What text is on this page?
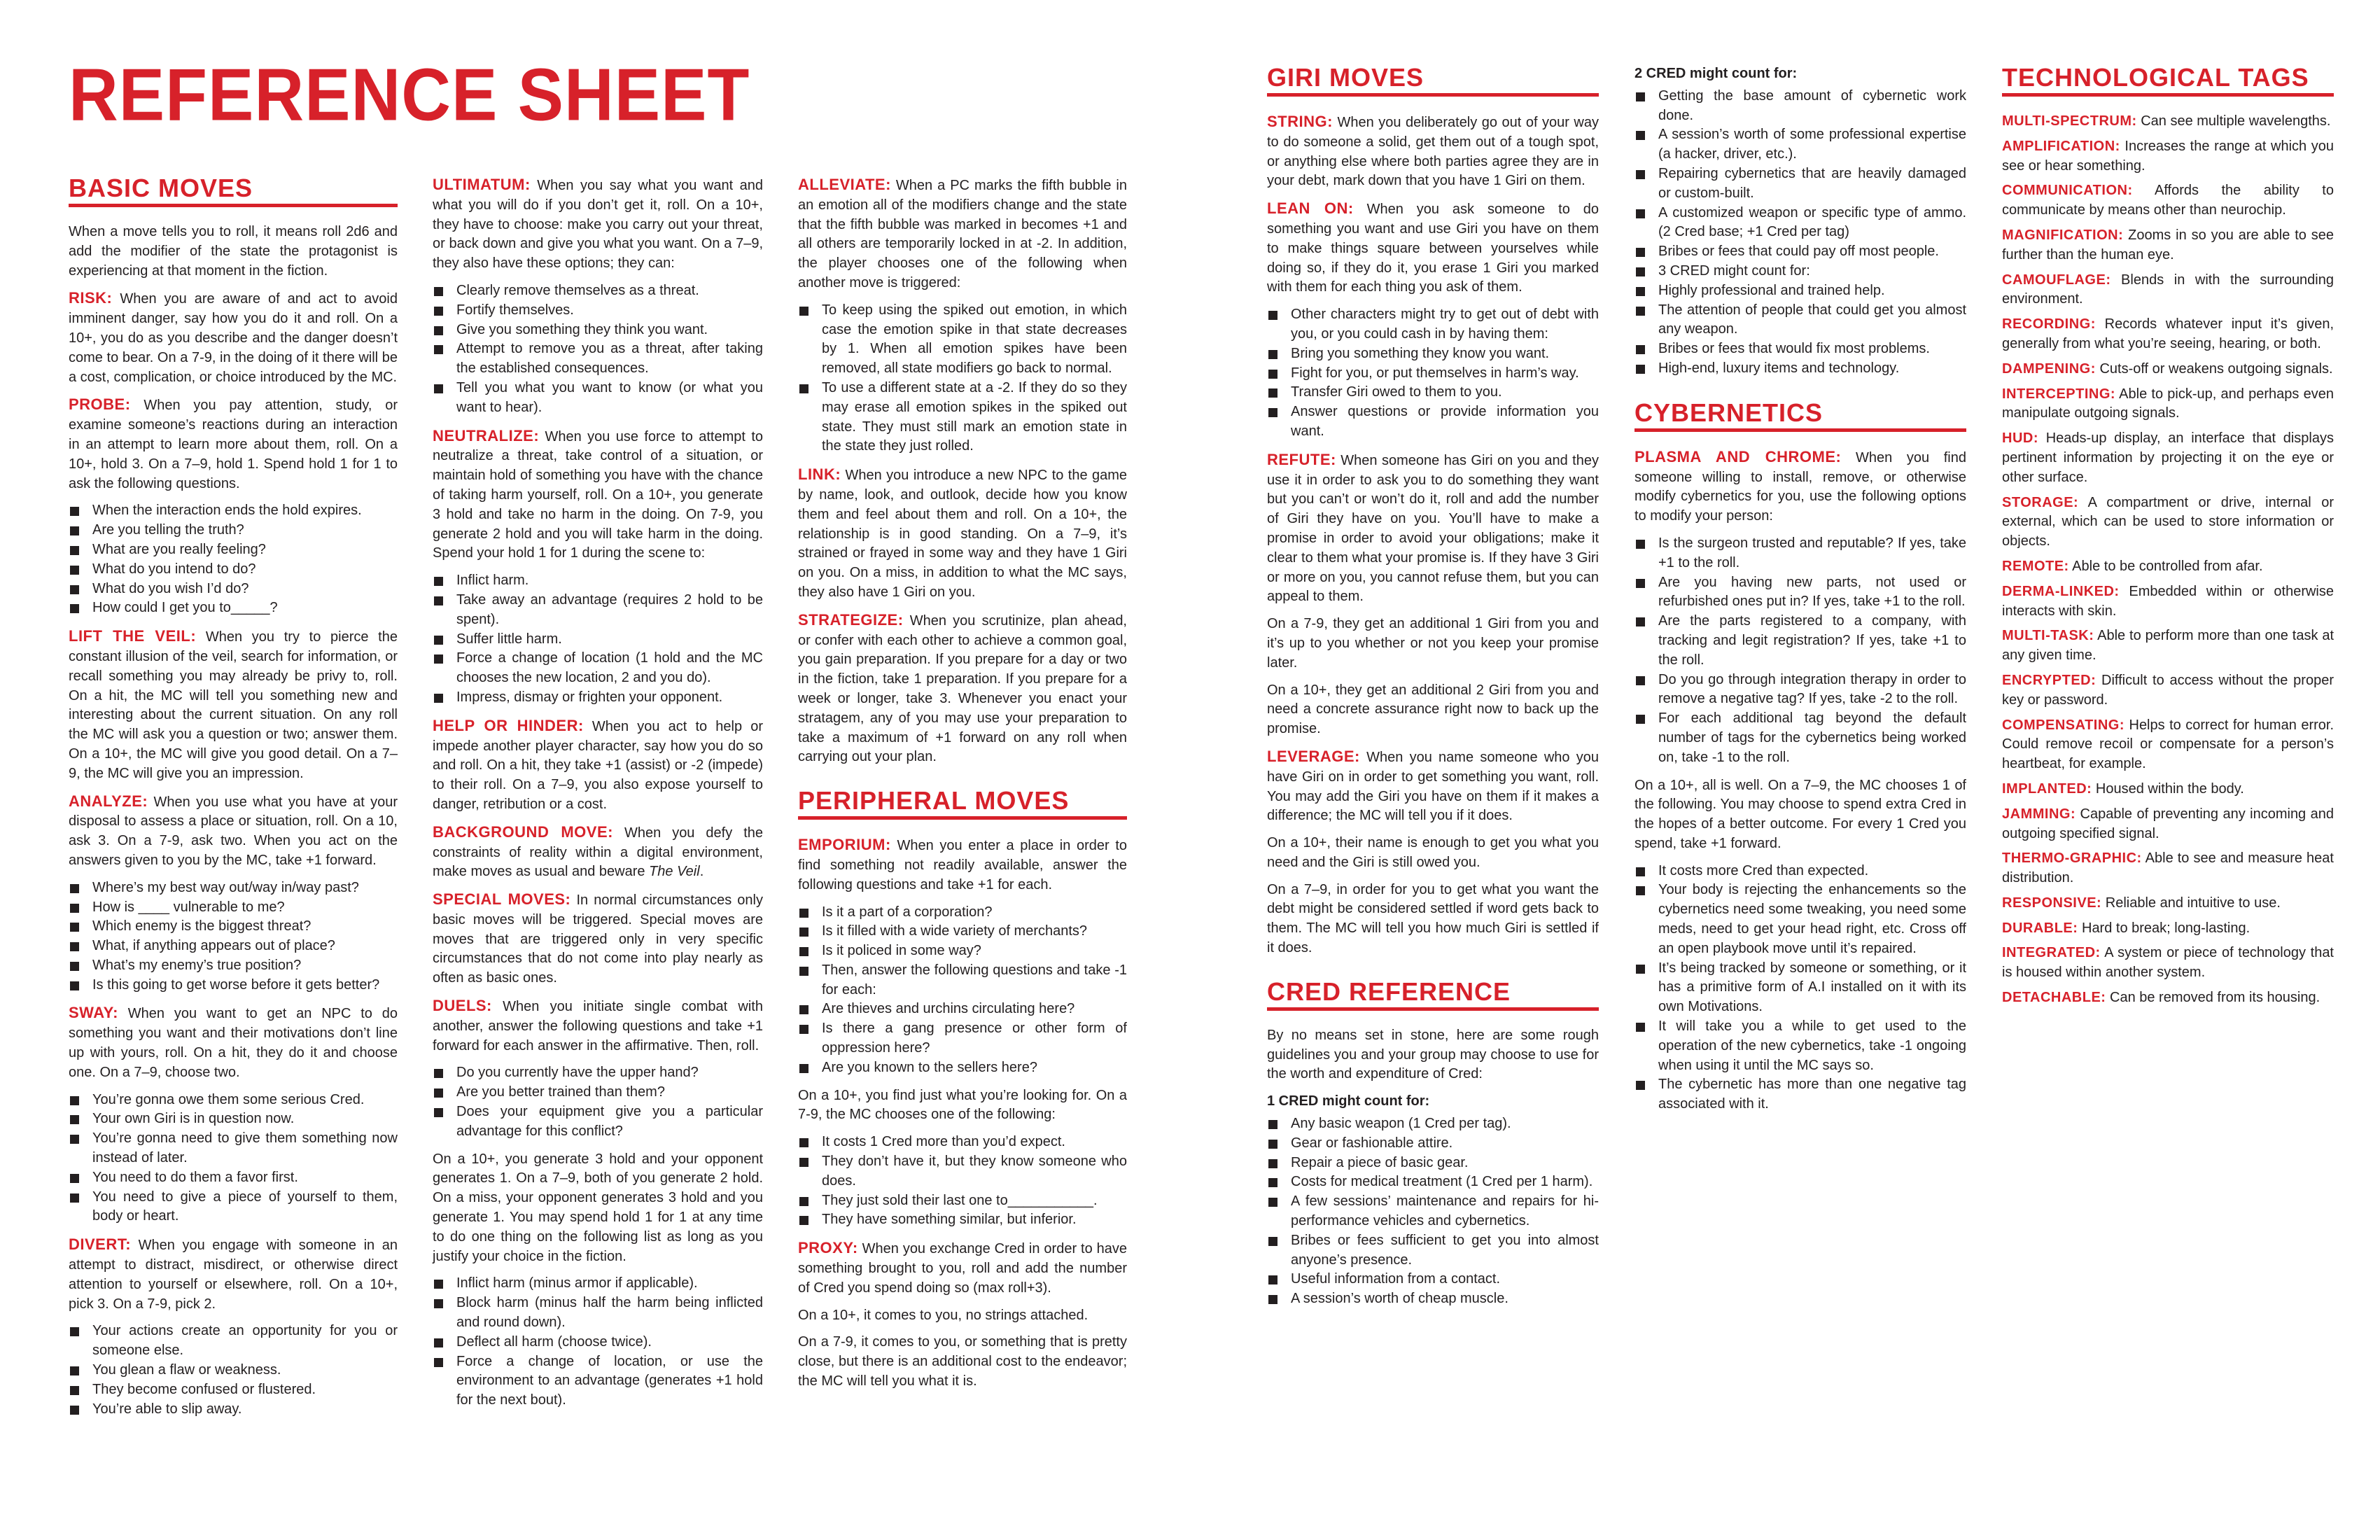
REFERENCE SHEET
BASIC MOVES

When a move tells you to roll, it means roll 2d6 and add the modifier of the state the protagonist is experiencing at that moment in the fiction.

RISK: When you are aware of and act to avoid imminent danger, say how you do it and roll. On a 10+, you do as you describe and the danger doesn’t come to bear. On a 7-9, in the doing of it there will be a cost, complication, or choice introduced by the MC.

PROBE: When you pay attention, study, or examine someone’s reactions during an interaction in an attempt to learn more about them, roll. On a 10+, hold 3. On a 7–9, hold 1. Spend hold 1 for 1 to ask the following questions.

When the interaction ends the hold expires.
Are you telling the truth?
What are you really feeling?
What do you intend to do?
What do you wish I’d do?
How could I get you to_____?

LIFT THE VEIL: When you try to pierce the constant illusion of the veil, search for information, or recall something you may already be privy to, roll. On a hit, the MC will tell you something new and interesting about the current situation. On any roll the MC will ask you a question or two; answer them. On a 10+, the MC will give you good detail. On a 7–9, the MC will give you an impression.

ANALYZE: When you use what you have at your disposal to assess a place or situation, roll. On a 10, ask 3. On a 7-9, ask two. When you act on the answers given to you by the MC, take +1 forward.

Where’s my best way out/way in/way past?
How is ____ vulnerable to me?
Which enemy is the biggest threat?
What, if anything appears out of place?
What’s my enemy’s true position?
Is this going to get worse before it gets better?

SWAY: When you want to get an NPC to do something you want and their motivations don’t line up with yours, roll. On a hit, they do it and choose one. On a 7–9, choose two.

You’re gonna owe them some serious Cred.
Your own Giri is in question now.
You’re gonna need to give them something now instead of later.
You need to do them a favor first.
You need to give a piece of yourself to them, body or heart.

DIVERT: When you engage with someone in an attempt to distract, misdirect, or otherwise direct attention to yourself or elsewhere, roll. On a 10+, pick 3. On a 7-9, pick 2.

Your actions create an opportunity for you or someone else.
You glean a flaw or weakness.
They become confused or flustered.
You’re able to slip away.

ULTIMATUM: When you say what you want and what you will do if you don’t get it, roll. On a 10+, they have to choose: make you carry out your threat, or back down and give you what you want. On a 7–9, they also have these options; they can:

Clearly remove themselves as a threat.
Fortify themselves.
Give you something they think you want.
Attempt to remove you as a threat, after taking the established consequences.
Tell you what you want to know (or what you want to hear).

NEUTRALIZE: When you use force to attempt to neutralize a threat, take control of a situation, or maintain hold of something you have with the chance of taking harm yourself, roll. On a 10+, you generate 3 hold and take no harm in the doing. On 7-9, you generate 2 hold and you will take harm in the doing. Spend your hold 1 for 1 during the scene to:

Inflict harm.
Take away an advantage (requires 2 hold to be spent).
Suffer little harm.
Force a change of location (1 hold and the MC chooses the new location, 2 and you do).
Impress, dismay or frighten your opponent.

HELP OR HINDER: When you act to help or impede another player character, say how you do so and roll. On a hit, they take +1 (assist) or -2 (impede) to their roll. On a 7–9, you also expose yourself to danger, retribution or a cost.

BACKGROUND MOVE: When you defy the constraints of reality within a digital environment, make moves as usual and beware The Veil.

SPECIAL MOVES: In normal circumstances only basic moves will be triggered. Special moves are moves that are triggered only in very specific circumstances that do not come into play nearly as often as basic ones.

DUELS: When you initiate single combat with another, answer the following questions and take +1 forward for each answer in the affirmative. Then, roll.

Do you currently have the upper hand?
Are you better trained than them?
Does your equipment give you a particular advantage for this conflict?

On a 10+, you generate 3 hold and your opponent generates 1. On a 7–9, both of you generate 2 hold. On a miss, your opponent generates 3 hold and you generate 1. You may spend hold 1 for 1 at any time to do one thing on the following list as long as you justify your choice in the fiction.

Inflict harm (minus armor if applicable).
Block harm (minus half the harm being inflicted and round down).
Deflect all harm (choose twice).
Force a change of location, or use the environment to an advantage (generates +1 hold for the next bout).

ALLEVIATE: When a PC marks the fifth bubble in an emotion all of the modifiers change and the state that the fifth bubble was marked in becomes +1 and all others are temporarily locked in at -2. In addition, the player chooses one of the following when another move is triggered:

To keep using the spiked out emotion, in which case the emotion spike in that state decreases by 1. When all emotion spikes have been removed, all state modifiers go back to normal.
To use a different state at a -2. If they do so they may erase all emotion spikes in the spiked out state. They must still mark an emotion state in the state they just rolled.

LINK: When you introduce a new NPC to the game by name, look, and outlook, decide how you know them and feel about them and roll. On a 10+, the relationship is in good standing. On a 7–9, it’s strained or frayed in some way and they have 1 Giri on you. On a miss, in addition to what the MC says, they also have 1 Giri on you.

STRATEGIZE: When you scrutinize, plan ahead, or confer with each other to achieve a common goal, you gain preparation. If you prepare for a day or two in the fiction, take 1 preparation. If you prepare for a week or longer, take 3. Whenever you enact your stratagem, any of you may use your preparation to take a maximum of +1 forward on any roll when carrying out your plan.

PERIPHERAL MOVES

EMPORIUM: When you enter a place in order to find something not readily available, answer the following questions and take +1 for each.

Is it a part of a corporation?
Is it filled with a wide variety of merchants?
Is it policed in some way?
Then, answer the following questions and take -1 for each:
Are thieves and urchins circulating here?
Is there a gang presence or other form of oppression here?
Are you known to the sellers here?

On a 10+, you find just what you’re looking for. On a 7-9, the MC chooses one of the following:

It costs 1 Cred more than you’d expect.
They don’t have it, but they know someone who does.
They just sold their last one to___________.
They have something similar, but inferior.

PROXY: When you exchange Cred in order to have something brought to you, roll and add the number of Cred you spend doing so (max roll+3).

On a 10+, it comes to you, no strings attached.

On a 7-9, it comes to you, or something that is pretty close, but there is an additional cost to the endeavor; the MC will tell you what it is.

GIRI MOVES

STRING: When you deliberately go out of your way to do someone a solid, get them out of a tough spot, or anything else where both parties agree they are in your debt, mark down that you have 1 Giri on them.

LEAN ON: When you ask someone to do something you want and use Giri you have on them to make things square between yourselves while doing so, if they do it, you erase 1 Giri you marked with them for each thing you ask of them.

Other characters might try to get out of debt with you, or you could cash in by having them:
Bring you something they know you want.
Fight for you, or put themselves in harm’s way.
Transfer Giri owed to them to you.
Answer questions or provide information you want.

REFUTE: When someone has Giri on you and they use it in order to ask you to do something they want but you can’t or won’t do it, roll and add the number of Giri they have on you. You’ll have to make a promise in order to avoid your obligations; make it clear to them what your promise is. If they have 3 Giri or more on you, you cannot refuse them, but you can appeal to them.

On a 7-9, they get an additional 1 Giri from you and it’s up to you whether or not you keep your promise later.

On a 10+, they get an additional 2 Giri from you and need a concrete assurance right now to back up the promise.

LEVERAGE: When you name someone who you have Giri on in order to get something you want, roll. You may add the Giri you have on them if it makes a difference; the MC will tell you if it does.

On a 10+, their name is enough to get you what you need and the Giri is still owed you.

On a 7–9, in order for you to get what you want the debt might be considered settled if word gets back to them. The MC will tell you how much Giri is settled if it does.

CRED REFERENCE

By no means set in stone, here are some rough guidelines you and your group may choose to use for the worth and expenditure of Cred:

1 CRED might count for:

Any basic weapon (1 Cred per tag).
Gear or fashionable attire.
Repair a piece of basic gear.
Costs for medical treatment (1 Cred per 1 harm).
A few sessions’ maintenance and repairs for hi-performance vehicles and cybernetics.
Bribes or fees sufficient to get you into almost anyone’s presence.
Useful information from a contact.
A session’s worth of cheap muscle.

2 CRED might count for:

Getting the base amount of cybernetic work done.
A session’s worth of some professional expertise (a hacker, driver, etc.).
Repairing cybernetics that are heavily damaged or custom-built.
A customized weapon or specific type of ammo. (2 Cred base; +1 Cred per tag)
Bribes or fees that could pay off most people.
3 CRED might count for:
Highly professional and trained help.
The attention of people that could get you almost any weapon.
Bribes or fees that would fix most problems.
High-end, luxury items and technology.
CYBERNETICS

PLASMA AND CHROME: When you find someone willing to install, remove, or otherwise modify cybernetics for you, use the following options to modify your person:

Is the surgeon trusted and reputable? If yes, take +1 to the roll.
Are you having new parts, not used or refurbished ones put in? If yes, take +1 to the roll.
Are the parts registered to a company, with tracking and legit registration? If yes, take +1 to the roll.
Do you go through integration therapy in order to remove a negative tag? If yes, take -2 to the roll.
For each additional tag beyond the default number of tags for the cybernetics being worked on, take -1 to the roll.

On a 10+, all is well. On a 7–9, the MC chooses 1 of the following. You may choose to spend extra Cred in the hopes of a better outcome. For every 1 Cred you spend, take +1 forward.

It costs more Cred than expected.
Your body is rejecting the enhancements so the cybernetics need some tweaking, you need some meds, need to get your head right, etc. Cross off an open playbook move until it’s repaired.
It’s being tracked by someone or something, or it has a primitive form of A.I installed on it with its own Motivations.
It will take you a while to get used to the operation of the new cybernetics, take -1 ongoing when using it until the MC says so.
The cybernetic has more than one negative tag associated with it.
TECHNOLOGICAL TAGS

MULTI-SPECTRUM: Can see multiple wavelengths.

AMPLIFICATION: Increases the range at which you see or hear something.

COMMUNICATION: Affords the ability to communicate by means other than neurochip.

MAGNIFICATION: Zooms in so you are able to see further than the human eye.

CAMOUFLAGE: Blends in with the surrounding environment.

RECORDING: Records whatever input it’s given, generally from what you’re seeing, hearing, or both.

DAMPENING: Cuts-off or weakens outgoing signals.

INTERCEPTING: Able to pick-up, and perhaps even manipulate outgoing signals.

HUD: Heads-up display, an interface that displays pertinent information by projecting it on the eye or other surface.

STORAGE: A compartment or drive, internal or external, which can be used to store information or objects.

REMOTE: Able to be controlled from afar.

DERMA-LINKED: Embedded within or otherwise interacts with skin.

MULTI-TASK: Able to perform more than one task at any given time.

ENCRYPTED: Difficult to access without the proper key or password.

COMPENSATING: Helps to correct for human error. Could remove recoil or compensate for a person’s heartbeat, for example.

IMPLANTED: Housed within the body.

JAMMING: Capable of preventing any incoming and outgoing specified signal.

THERMO-GRAPHIC: Able to see and measure heat distribution.

RESPONSIVE: Reliable and intuitive to use.

DURABLE: Hard to break; long-lasting.

INTEGRATED: A system or piece of technology that is housed within another system.

DETACHABLE: Can be removed from its housing.
